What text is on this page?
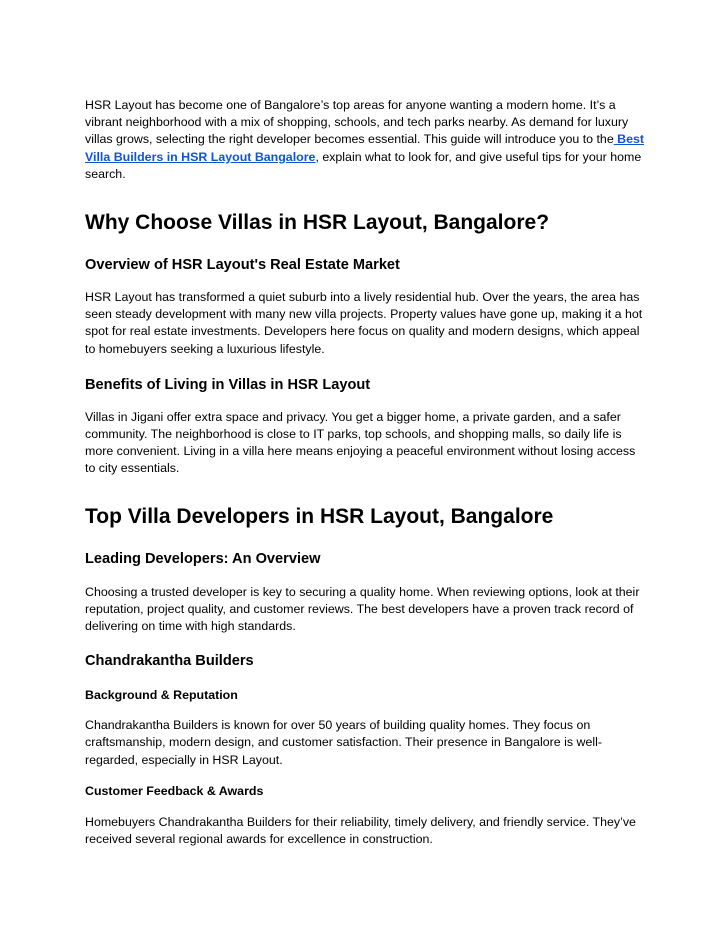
HSR Layout has become one of Bangalore’s top areas for anyone wanting a modern home. It’s a vibrant neighborhood with a mix of shopping, schools, and tech parks nearby. As demand for luxury villas grows, selecting the right developer becomes essential. This guide will introduce you to the Best Villa Builders in HSR Layout Bangalore, explain what to look for, and give useful tips for your home search.

Why Choose Villas in HSR Layout, Bangalore?
Overview of HSR Layout's Real Estate Market

HSR Layout has transformed a quiet suburb into a lively residential hub. Over the years, the area has seen steady development with many new villa projects. Property values have gone up, making it a hot spot for real estate investments. Developers here focus on quality and modern designs, which appeal to homebuyers seeking a luxurious lifestyle.

Benefits of Living in Villas in HSR Layout

Villas in Jigani offer extra space and privacy. You get a bigger home, a private garden, and a safer community. The neighborhood is close to IT parks, top schools, and shopping malls, so daily life is more convenient. Living in a villa here means enjoying a peaceful environment without losing access to city essentials.

Top Villa Developers in HSR Layout, Bangalore
Leading Developers: An Overview

Choosing a trusted developer is key to securing a quality home. When reviewing options, look at their reputation, project quality, and customer reviews. The best developers have a proven track record of delivering on time with high standards.

Chandrakantha Builders
Background & Reputation

Chandrakantha Builders is known for over 50 years of building quality homes. They focus on craftsmanship, modern design, and customer satisfaction. Their presence in Bangalore is well-regarded, especially in HSR Layout.

Customer Feedback & Awards

Homebuyers Chandrakantha Builders for their reliability, timely delivery, and friendly service. They’ve received several regional awards for excellence in construction.
